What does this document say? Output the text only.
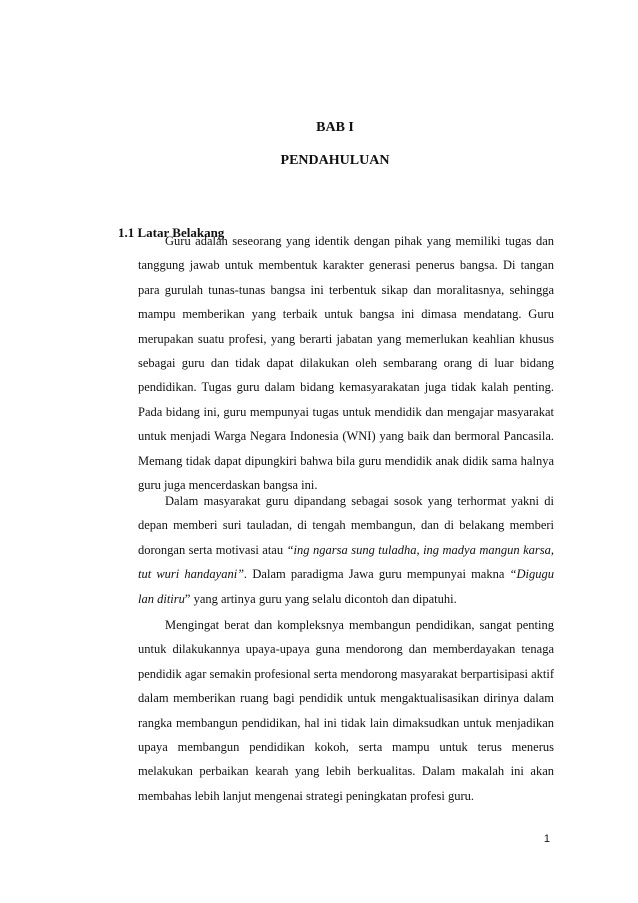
BAB I
PENDAHULUAN
1.1 Latar Belakang

Guru adalah seseorang yang identik dengan pihak yang memiliki tugas dan tanggung jawab untuk membentuk karakter generasi penerus bangsa. Di tangan para gurulah tunas-tunas bangsa ini terbentuk sikap dan moralitasnya, sehingga mampu memberikan yang terbaik untuk bangsa ini dimasa mendatang. Guru merupakan suatu profesi, yang berarti jabatan yang memerlukan keahlian khusus sebagai guru dan tidak dapat dilakukan oleh sembarang orang di luar bidang pendidikan. Tugas guru dalam bidang kemasyarakatan juga tidak kalah penting. Pada bidang ini, guru mempunyai tugas untuk mendidik dan mengajar masyarakat untuk menjadi Warga Negara Indonesia (WNI) yang baik dan bermoral Pancasila. Memang tidak dapat dipungkiri bahwa bila guru mendidik anak didik sama halnya guru juga mencerdaskan bangsa ini.

Dalam masyarakat guru dipandang sebagai sosok yang terhormat yakni di depan memberi suri tauladan, di tengah membangun, dan di belakang memberi dorongan serta motivasi atau “ing ngarsa sung tuladha, ing madya mangun karsa, tut wuri handayani”. Dalam paradigma Jawa guru mempunyai makna “Digugu lan ditiru” yang artinya guru yang selalu dicontoh dan dipatuhi.

Mengingat berat dan kompleksnya membangun pendidikan, sangat penting untuk dilakukannya upaya-upaya guna mendorong dan memberdayakan tenaga pendidik agar semakin profesional serta mendorong masyarakat berpartisipasi aktif dalam memberikan ruang bagi pendidik untuk mengaktualisasikan dirinya dalam rangka membangun pendidikan, hal ini tidak lain dimaksudkan untuk menjadikan upaya membangun pendidikan kokoh, serta mampu untuk terus menerus melakukan perbaikan kearah yang lebih berkualitas. Dalam makalah ini akan membahas lebih lanjut mengenai strategi peningkatan profesi guru.

1
